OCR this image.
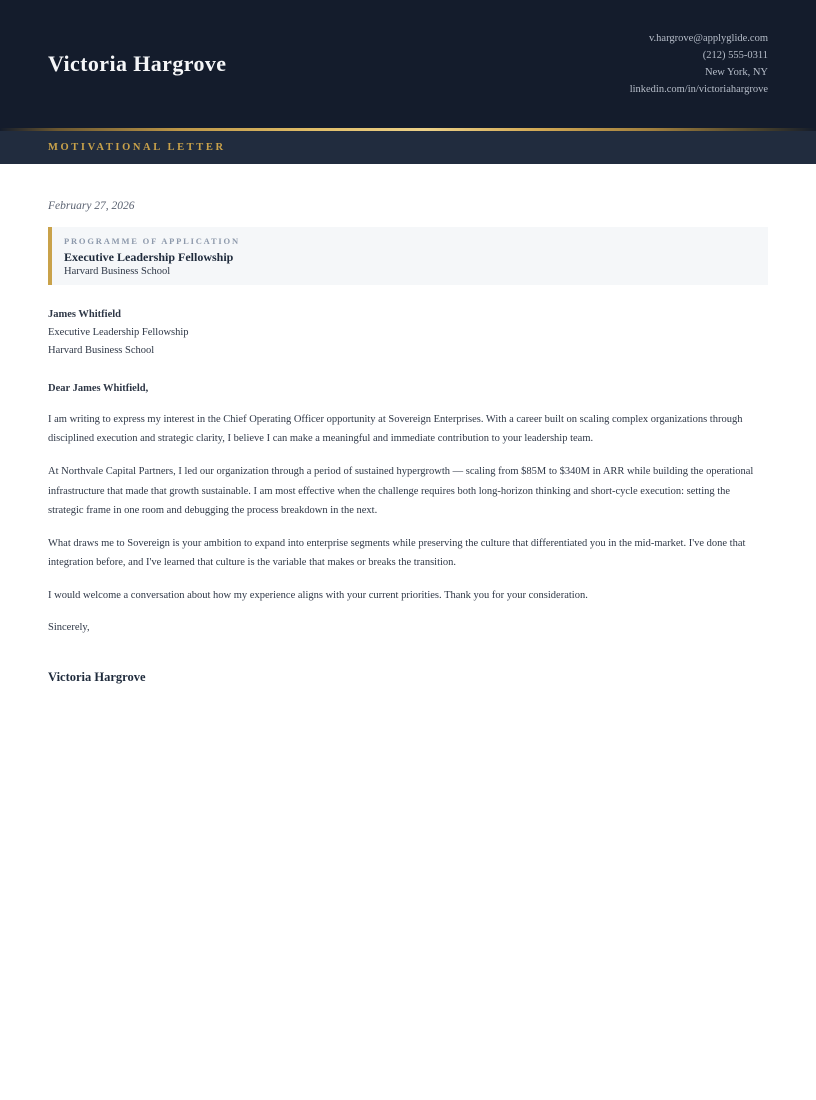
Victoria Hargrove
v.hargrove@applyglide.com
(212) 555-0311
New York, NY
linkedin.com/in/victoriahargrove
MOTIVATIONAL LETTER
February 27, 2026
PROGRAMME OF APPLICATION
Executive Leadership Fellowship
Harvard Business School
James Whitfield
Executive Leadership Fellowship
Harvard Business School
Dear James Whitfield,

I am writing to express my interest in the Chief Operating Officer opportunity at Sovereign Enterprises. With a career built on scaling complex organizations through disciplined execution and strategic clarity, I believe I can make a meaningful and immediate contribution to your leadership team.

At Northvale Capital Partners, I led our organization through a period of sustained hypergrowth — scaling from $85M to $340M in ARR while building the operational infrastructure that made that growth sustainable. I am most effective when the challenge requires both long-horizon thinking and short-cycle execution: setting the strategic frame in one room and debugging the process breakdown in the next.

What draws me to Sovereign is your ambition to expand into enterprise segments while preserving the culture that differentiated you in the mid-market. I've done that integration before, and I've learned that culture is the variable that makes or breaks the transition.

I would welcome a conversation about how my experience aligns with your current priorities. Thank you for your consideration.

Sincerely,
Victoria Hargrove
